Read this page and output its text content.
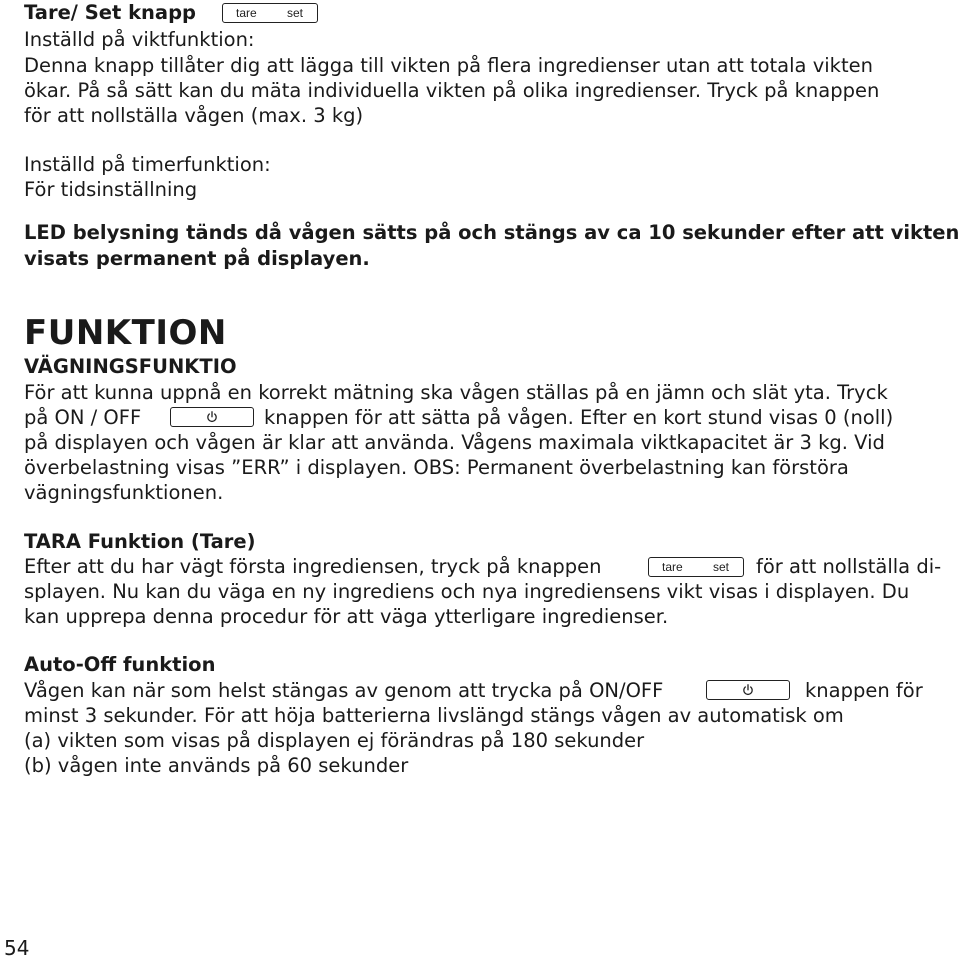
Tare/ Set knapp	tare	set
Inställd på viktfunktion:
Denna knapp tillåter dig att lägga till vikten på flera ingredienser utan att totala vikten
ökar. På så sätt kan du mäta individuella vikten på olika ingredienser. Tryck på knappen
för att nollställa vågen (max. 3 kg)
Inställd på timerfunktion:
För tidsinställning
LED belysning tänds då vågen sätts på och stängs av ca 10 sekunder efter att vikten
visats permanent på displayen.
FUNKTION
VÄGNINGSFUNKTIO
För att kunna uppnå en korrekt mätning ska vågen ställas på en jämn och slät yta. Tryck
på ON / OFF	knappen för att sätta på vågen. Efter en kort stund visas 0 (noll)
på displayen och vågen är klar att använda. Vågens maximala viktkapacitet är 3 kg. Vid
överbelastning visas ”ERR” i displayen. OBS: Permanent överbelastning kan förstöra
vägningsfunktionen.
TARA Funktion (Tare)
Efter att du har vägt första ingrediensen, tryck på knappen	tare	set för att nollställa di-
splayen. Nu kan du väga en ny ingrediens och nya ingrediensens vikt visas i displayen. Du
kan upprepa denna procedur för att väga ytterligare ingredienser.
Auto-Off funktion
Vågen kan när som helst stängas av genom att trycka på ON/OFF	knappen för
minst 3 sekunder. För att höja batterierna livslängd stängs vågen av automatisk om
(a) vikten som visas på displayen ej förändras på 180 sekunder
(b) vågen inte används på 60 sekunder
54
